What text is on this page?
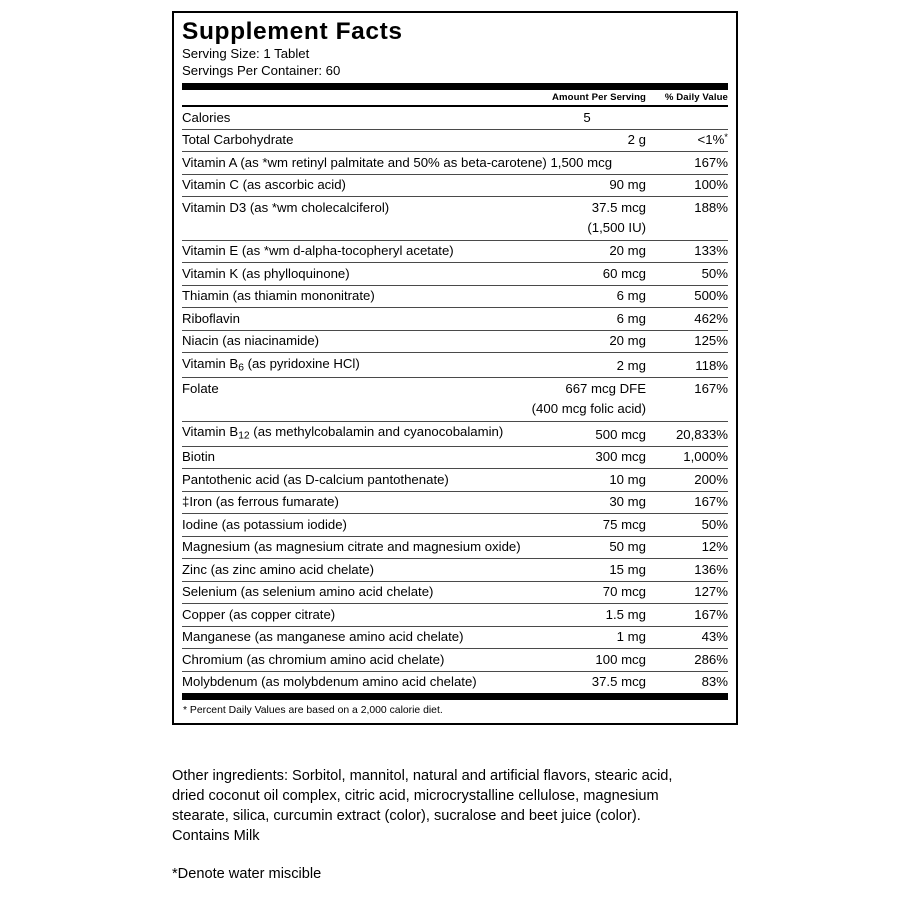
Supplement Facts
Serving Size: 1 Tablet
Servings Per Container: 60
	Amount Per Serving	% Daily Value
Calories	5	
Total Carbohydrate	2 g	<1%*
Vitamin A (as *wm retinyl palmitate and 50% as beta-carotene) 1,500 mcg		167%
Vitamin C (as ascorbic acid)	90 mg	100%
Vitamin D3 (as *wm cholecalciferol)	37.5 mcg	188%
	(1,500 IU)	
Vitamin E (as *wm d-alpha-tocopheryl acetate)	20 mg	133%
Vitamin K (as phylloquinone)	60 mcg	50%
Thiamin (as thiamin mononitrate)	6 mg	500%
Riboflavin	6 mg	462%
Niacin (as niacinamide)	20 mg	125%
Vitamin $B_6$ (as pyridoxine HCl)	2 mg	118%
Folate	667 mcg DFE	167%
	(400 mcg folic acid)	
Vitamin $B_{12}$ (as methylcobalamin and cyanocobalamin)	500 mcg	20,833%
Biotin	300 mcg	1,000%
Pantothenic acid (as D-calcium pantothenate)	10 mg	200%
‡Iron (as ferrous fumarate)	30 mg	167%
Iodine (as potassium iodide)	75 mcg	50%
Magnesium (as magnesium citrate and magnesium oxide)	50 mg	12%
Zinc (as zinc amino acid chelate)	15 mg	136%
Selenium (as selenium amino acid chelate)	70 mcg	127%
Copper (as copper citrate)	1.5 mg	167%
Manganese (as manganese amino acid chelate)	1 mg	43%
Chromium (as chromium amino acid chelate)	100 mcg	286%
Molybdenum (as molybdenum amino acid chelate)	37.5 mcg	83%
* Percent Daily Values are based on a 2,000 calorie diet.

Other ingredients: Sorbitol, mannitol, natural and artificial flavors, stearic acid,

dried coconut oil complex, citric acid, microcrystalline cellulose, magnesium

stearate, silica, curcumin extract (color), sucralose and beet juice (color).

Contains Milk

*Denote water miscible
